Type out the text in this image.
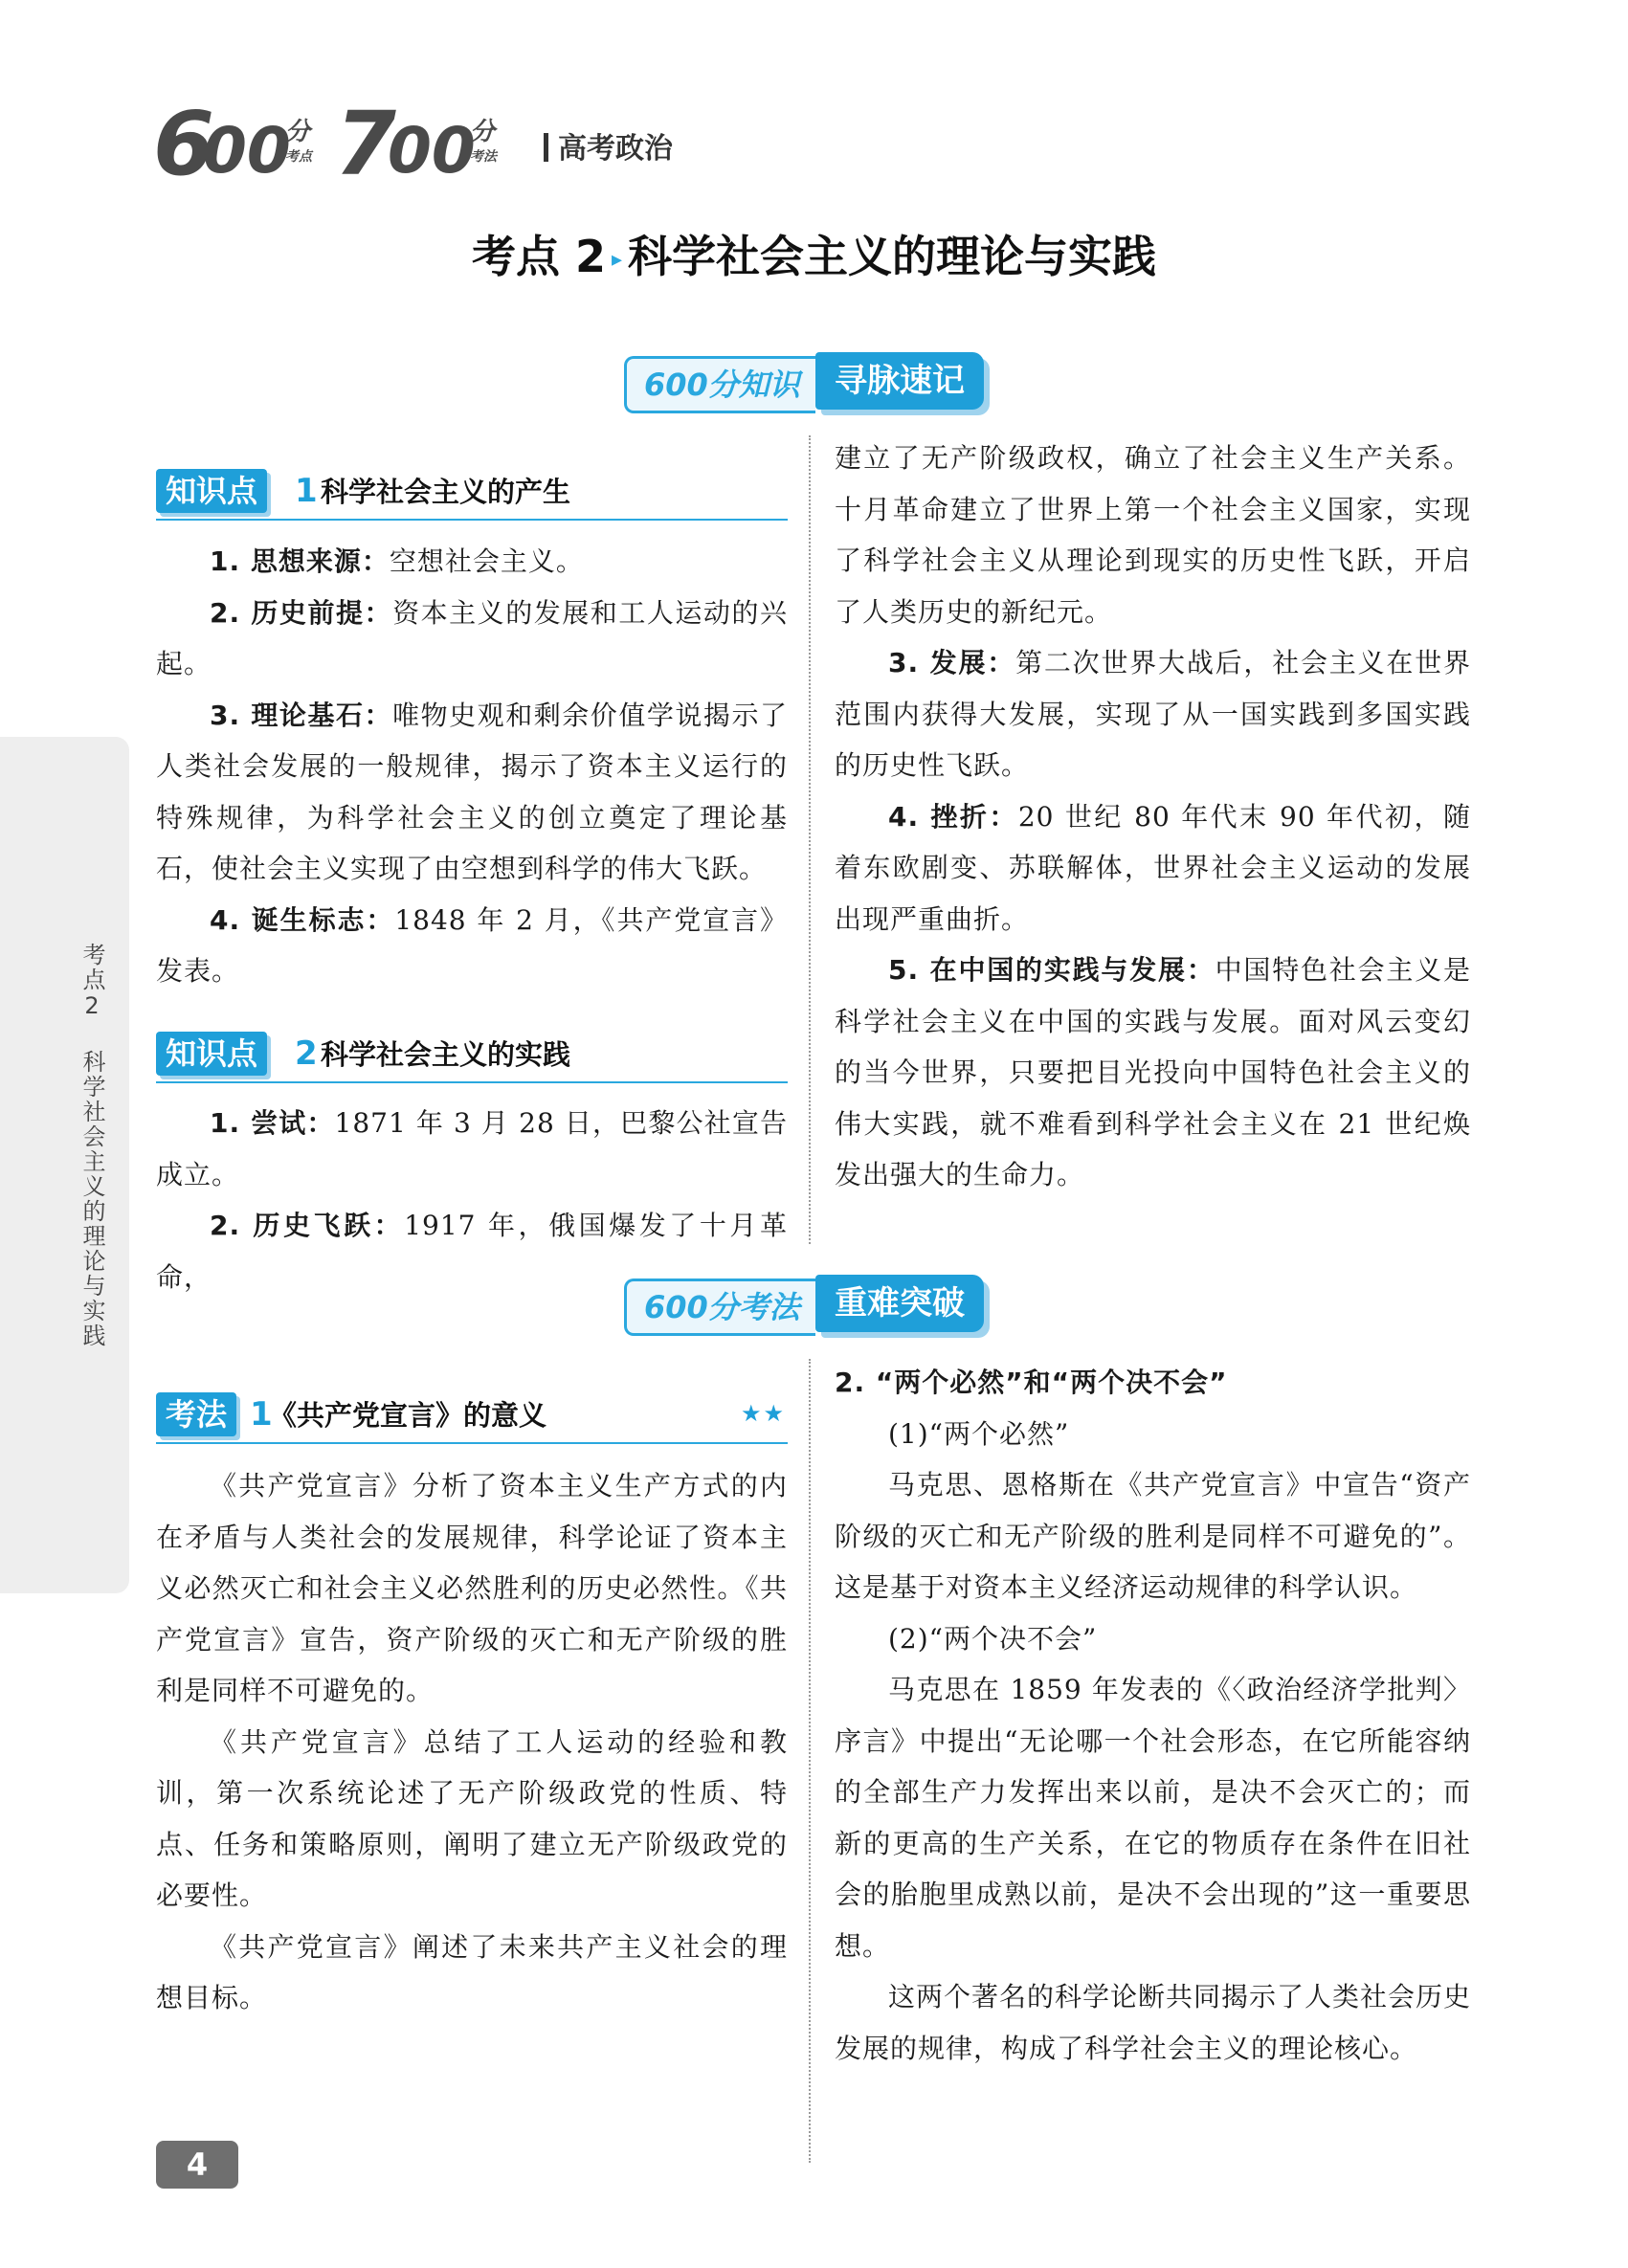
6
00
分
考点 7
00
分
考法	高考政治
考点 2 ▸ 科学社会主义的理论与实践
考点2 科学社会主义的理论与实践
600分知识	寻脉速记
知识点 1 科学社会主义的产生

1. 思想来源：空想社会主义。

2. 历史前提：资本主义的发展和工人运动的兴起。

3. 理论基石：唯物史观和剩余价值学说揭示了人类社会发展的一般规律，揭示了资本主义运行的特殊规律，为科学社会主义的创立奠定了理论基石，使社会主义实现了由空想到科学的伟大飞跃。

4. 诞生标志：1848 年 2 月，《共产党宣言》发表。

知识点 2 科学社会主义的实践

1. 尝试：1871 年 3 月 28 日，巴黎公社宣告成立。

2. 历史飞跃：1917 年，俄国爆发了十月革命，

建立了无产阶级政权，确立了社会主义生产关系。十月革命建立了世界上第一个社会主义国家，实现了科学社会主义从理论到现实的历史性飞跃，开启了人类历史的新纪元。

3. 发展：第二次世界大战后，社会主义在世界范围内获得大发展，实现了从一国实践到多国实践的历史性飞跃。

4. 挫折：20 世纪 80 年代末 90 年代初，随着东欧剧变、苏联解体，世界社会主义运动的发展出现严重曲折。

5. 在中国的实践与发展：中国特色社会主义是科学社会主义在中国的实践与发展。面对风云变幻的当今世界，只要把目光投向中国特色社会主义的伟大实践，就不难看到科学社会主义在 21 世纪焕发出强大的生命力。

600分考法	重难突破
考法 1
《共产党宣言》的意义	★★

《共产党宣言》分析了资本主义生产方式的内在矛盾与人类社会的发展规律，科学论证了资本主义必然灭亡和社会主义必然胜利的历史必然性。《共产党宣言》宣告，资产阶级的灭亡和无产阶级的胜利是同样不可避免的。

《共产党宣言》总结了工人运动的经验和教训，第一次系统论述了无产阶级政党的性质、特点、任务和策略原则，阐明了建立无产阶级政党的必要性。

《共产党宣言》阐述了未来共产主义社会的理想目标。

2. “两个必然”和“两个决不会”

(1)“两个必然”

马克思、恩格斯在《共产党宣言》中宣告“资产阶级的灭亡和无产阶级的胜利是同样不可避免的”。这是基于对资本主义经济运动规律的科学认识。

(2)“两个决不会”

马克思在 1859 年发表的《〈政治经济学批判〉序言》中提出“无论哪一个社会形态，在它所能容纳的全部生产力发挥出来以前，是决不会灭亡的；而新的更高的生产关系，在它的物质存在条件在旧社会的胎胞里成熟以前，是决不会出现的”这一重要思想。

这两个著名的科学论断共同揭示了人类社会历史发展的规律，构成了科学社会主义的理论核心。

4
